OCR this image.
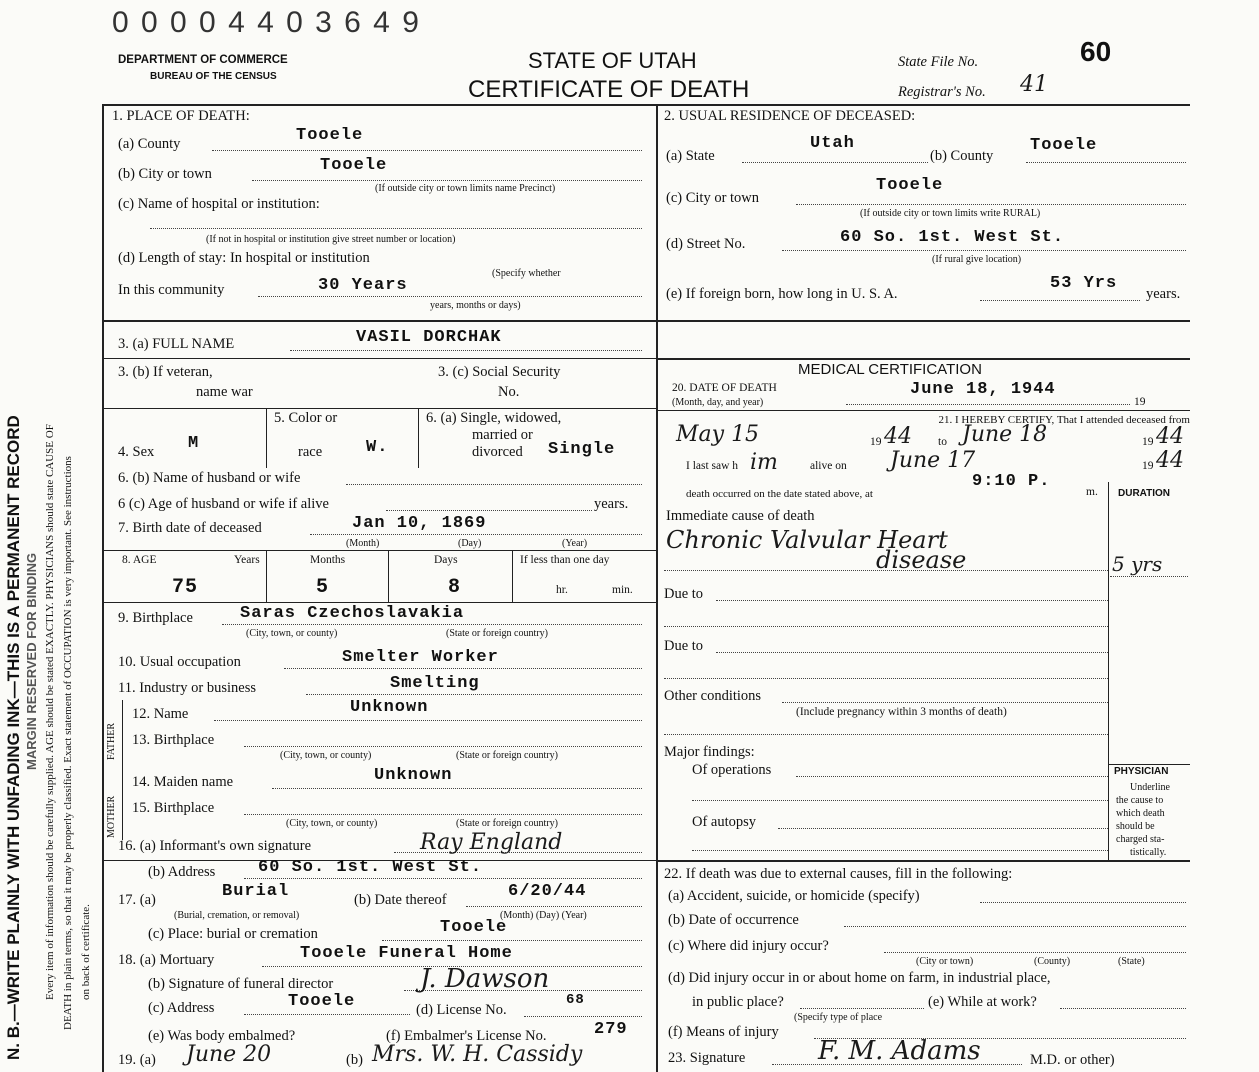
N. B.—WRITE PLAINLY WITH UNFADING INK—THIS IS A PERMANENT RECORD MARGIN RESERVED FOR BINDING Every item of information should be carefully supplied. AGE should be stated EXACTLY. PHYSICIANS should state CAUSE OF DEATH in plain terms, so that it may be properly classified. Exact statement of OCCUPATION is very important. See instructions on back of certificate.
0 0 0 0 4 4 0 3 6 4 9
DEPARTMENT OF COMMERCE
BUREAU OF THE CENSUS
STATE OF UTAH
CERTIFICATE OF DEATH
State File No.	60
Registrar's No. 41
1. PLACE OF DEATH:
(a) County	Tooele
(b) City or town	Tooele
(If outside city or town limits name Precinct)
(c) Name of hospital or institution:
(If not in hospital or institution give street number or location)
(d) Length of stay: In hospital or institution
(Specify whether
In this community	30 Years
years, months or days)
2. USUAL RESIDENCE OF DECEASED:
(a) State
Utah
(b) County
Tooele
(c) City or town
Tooele
(If outside city or town limits write RURAL)
(d) Street No.	60 So. 1st. West St.
(If rural give location)
(e) If foreign born, how long in U. S. A.
53 Yrs
years.
3. (a) FULL NAME	VASIL DORCHAK
3. (b) If veteran,
name war
3. (c) Social Security
No.
5. Color or
race	W.
6. (a) Single, widowed,
married or
divorced Single
4. Sex M
6. (b) Name of husband or wife
6 (c) Age of husband or wife if alive	years.
7. Birth date of deceased	Jan 10, 1869
(Month)	(Day)	(Year)
8. AGE	Years	Months	Days	If less than one day
75	5	8	hr.	min.
9. Birthplace	Saras Czechoslavakia
(City, town, or county)	(State or foreign country)
10. Usual occupation	Smelter Worker
11. Industry or business	Smelting
FATHER
MOTHER
12. Name	Unknown
13. Birthplace
(City, town, or county)	(State or foreign country)
14. Maiden name	Unknown
15. Birthplace
(City, town, or county)	(State or foreign country)
16. (a) Informant's own signature	Ray England
(b) Address	60 So. 1st. West St.
17. (a)	Burial
(Burial, cremation, or removal)
(b) Date thereof	6/20/44
(Month) (Day) (Year)
(c) Place: burial or cremation	Tooele
18. (a) Mortuary	Tooele Funeral Home
(b) Signature of funeral director	J. Dawson
(c) Address	Tooele	(d) License No.
68
(e) Was body embalmed?	(f) Embalmer's License No.	279
19. (a) June 20	(b) Mrs. W. H. Cassidy
MEDICAL CERTIFICATION
20. DATE OF DEATH
(Month, day, and year)
June 18, 1944
19
21. I HEREBY CERTIFY, That I attended deceased from
May 15	19 44 to June 18	19 44
I last saw h im	alive on June 17	19 44
death occurred on the date stated above, at
9:10 P.
m. DURATION
Immediate cause of death
Chronic Valvular Heart
disease	5 yrs
Due to
Due to
Other conditions
(Include pregnancy within 3 months of death)
Major findings:
Of operations
Of autopsy
PHYSICIAN
Underline
the cause to
which death
should be
charged sta-
tistically.
22. If death was due to external causes, fill in the following:
(a) Accident, suicide, or homicide (specify)
(b) Date of occurrence
(c) Where did injury occur?
(City or town)	(County)	(State)
(d) Did injury occur in or about home on farm, in industrial place,
in public place?
(Specify type of place
(e) While at work?
(f) Means of injury
23. Signature	F. M. Adams	M.D. or other)
